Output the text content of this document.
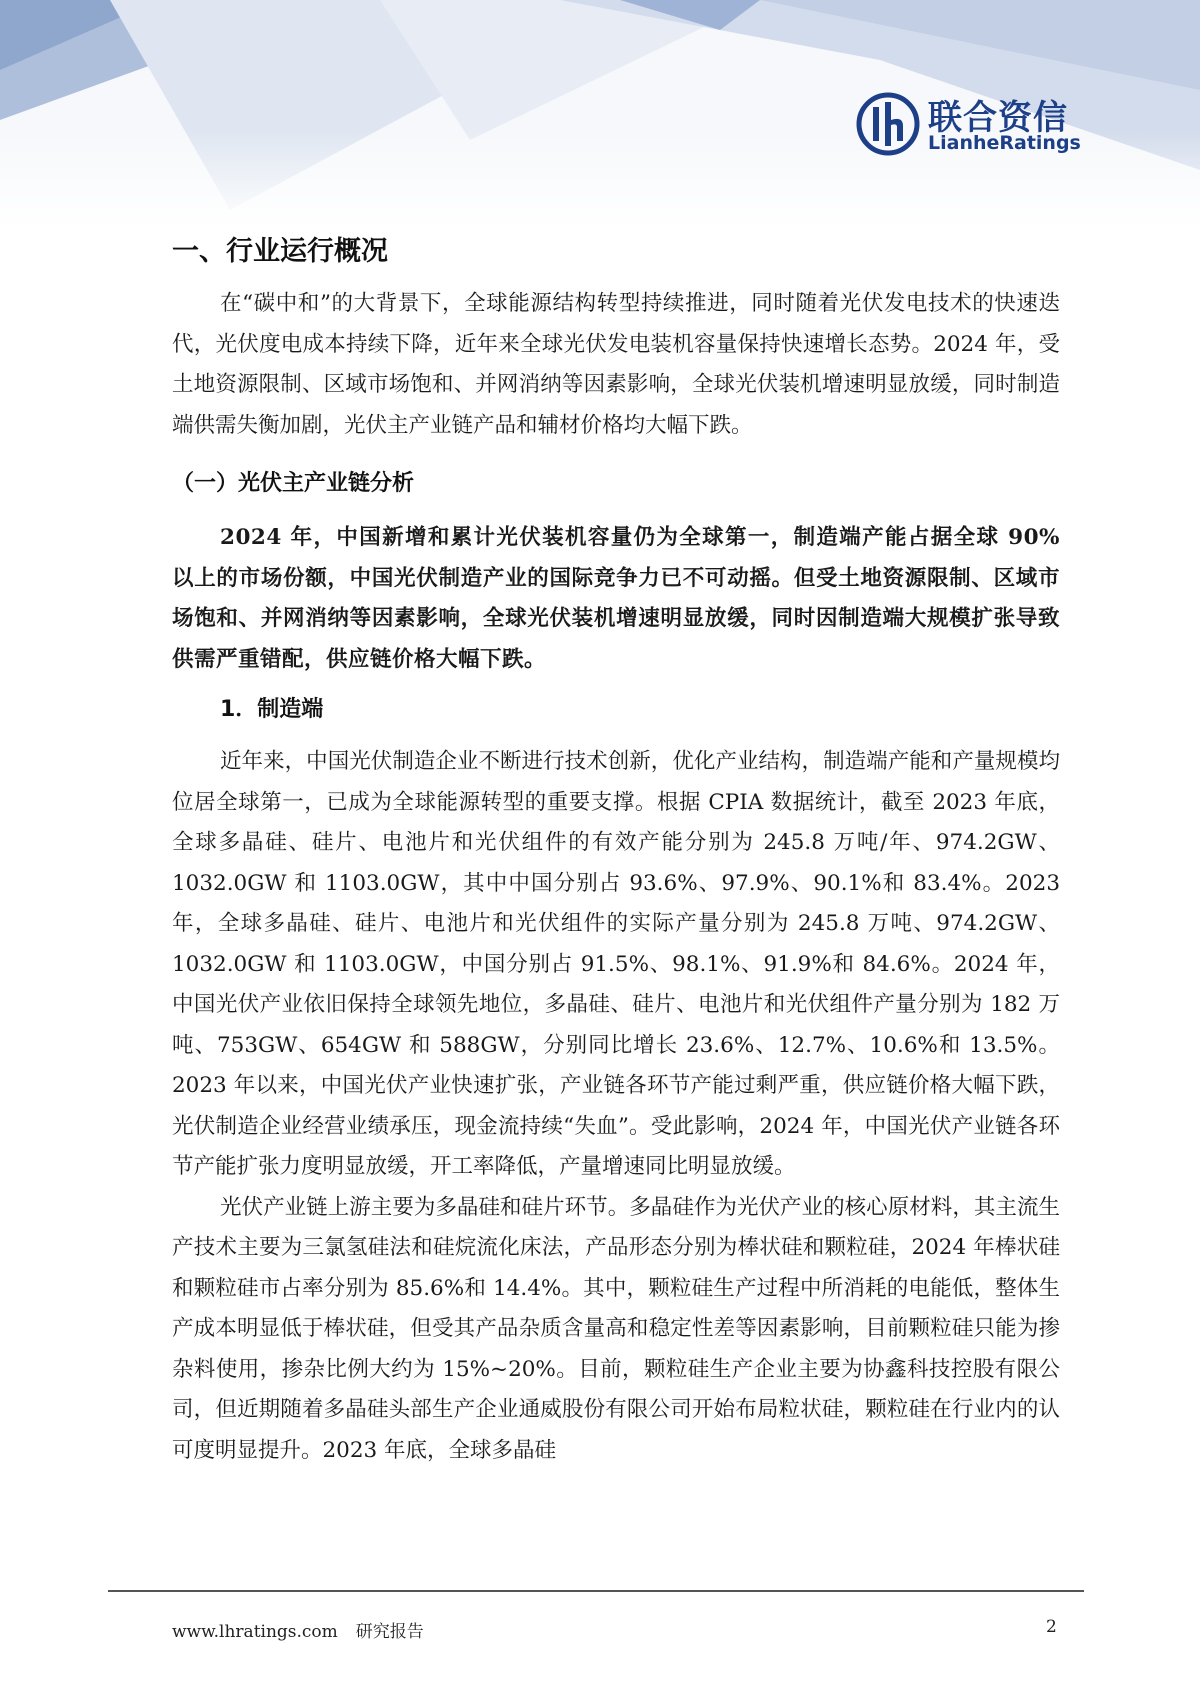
联合资信
LianheRatings
一、行业运行概况

在“碳中和”的大背景下，全球能源结构转型持续推进，同时随着光伏发电技术的快速迭代，光伏度电成本持续下降，近年来全球光伏发电装机容量保持快速增长态势。2024 年，受土地资源限制、区域市场饱和、并网消纳等因素影响，全球光伏装机增速明显放缓，同时制造端供需失衡加剧，光伏主产业链产品和辅材价格均大幅下跌。

（一）光伏主产业链分析

2024 年，中国新增和累计光伏装机容量仍为全球第一，制造端产能占据全球 90% 以上的市场份额，中国光伏制造产业的国际竞争力已不可动摇。但受土地资源限制、区域市场饱和、并网消纳等因素影响，全球光伏装机增速明显放缓，同时因制造端大规模扩张导致供需严重错配，供应链价格大幅下跌。

1．制造端

近年来，中国光伏制造企业不断进行技术创新，优化产业结构，制造端产能和产量规模均位居全球第一，已成为全球能源转型的重要支撑。根据 CPIA 数据统计，截至 2023 年底，全球多晶硅、硅片、电池片和光伏组件的有效产能分别为 245.8 万吨/年、974.2GW、1032.0GW 和 1103.0GW，其中中国分别占 93.6%、97.9%、90.1%和 83.4%。2023 年，全球多晶硅、硅片、电池片和光伏组件的实际产量分别为 245.8 万吨、974.2GW、1032.0GW 和 1103.0GW，中国分别占 91.5%、98.1%、91.9%和 84.6%。2024 年，中国光伏产业依旧保持全球领先地位，多晶硅、硅片、电池片和光伏组件产量分别为 182 万吨、753GW、654GW 和 588GW，分别同比增长 23.6%、12.7%、10.6%和 13.5%。2023 年以来，中国光伏产业快速扩张，产业链各环节产能过剩严重，供应链价格大幅下跌，光伏制造企业经营业绩承压，现金流持续“失血”。受此影响，2024 年，中国光伏产业链各环节产能扩张力度明显放缓，开工率降低，产量增速同比明显放缓。

光伏产业链上游主要为多晶硅和硅片环节。多晶硅作为光伏产业的核心原材料，其主流生产技术主要为三氯氢硅法和硅烷流化床法，产品形态分别为棒状硅和颗粒硅，2024 年棒状硅和颗粒硅市占率分别为 85.6%和 14.4%。其中，颗粒硅生产过程中所消耗的电能低，整体生产成本明显低于棒状硅，但受其产品杂质含量高和稳定性差等因素影响，目前颗粒硅只能为掺杂料使用，掺杂比例大约为 15%~20%。目前，颗粒硅生产企业主要为协鑫科技控股有限公司，但近期随着多晶硅头部生产企业通威股份有限公司开始布局粒状硅，颗粒硅在行业内的认可度明显提升。2023 年底，全球多晶硅

www.lhratings.com 研究报告	2
